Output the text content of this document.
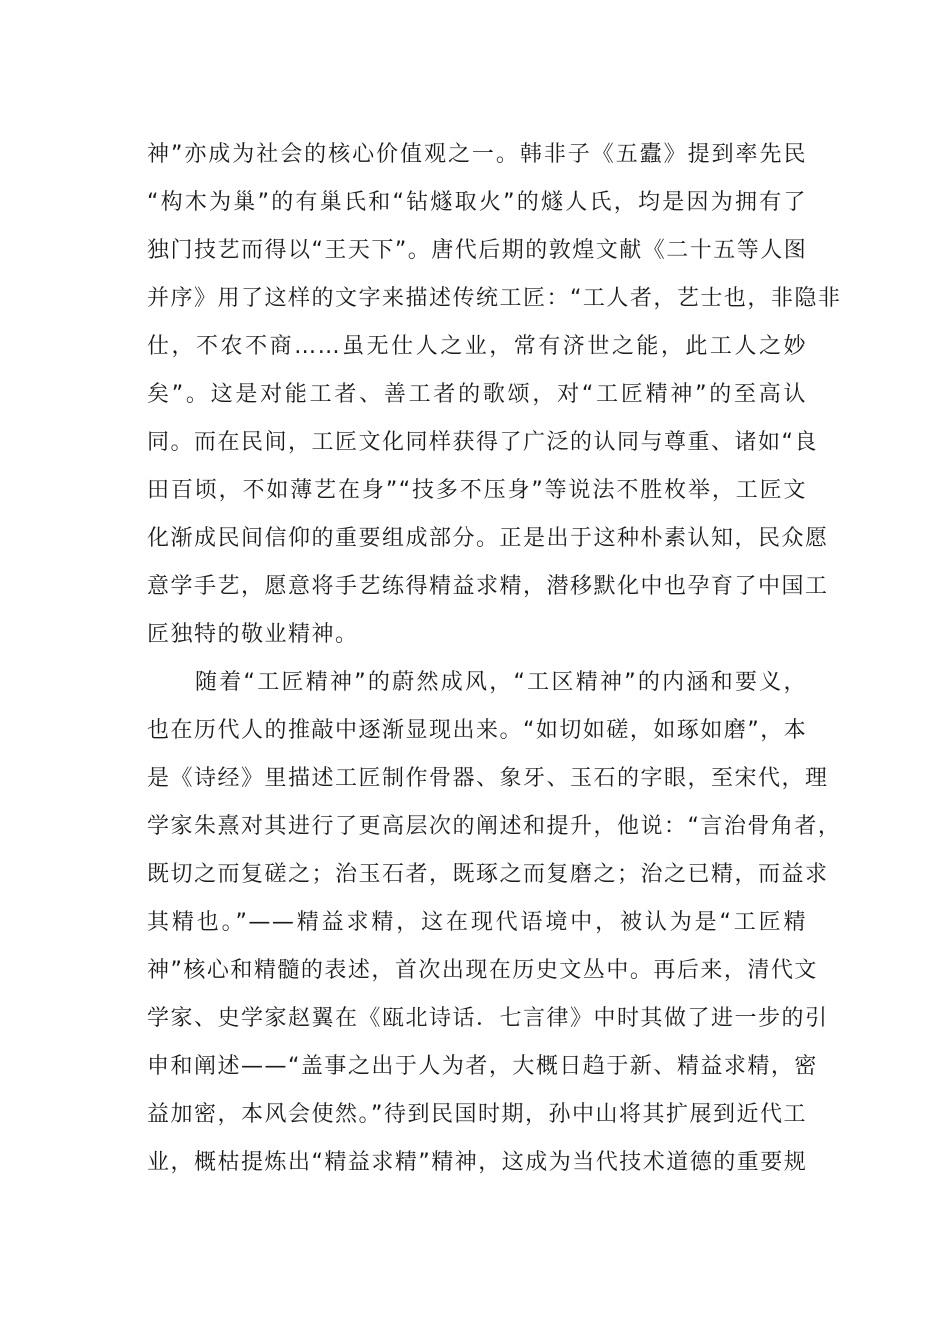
神”亦成为社会的核心价值观之一。韩非子《五蠹》提到率先民
“构木为巢”的有巢氏和“钻燧取火”的燧人氏，均是因为拥有了
独门技艺而得以“王天下”。唐代后期的敦煌文献《二十五等人图
并序》用了这样的文字来描述传统工匠：“工人者，艺士也，非隐非
仕，不农不商……虽无仕人之业，常有济世之能，此工人之妙
矣”。这是对能工者、善工者的歌颂，对“工匠精神”的至高认
同。而在民间，工匠文化同样获得了广泛的认同与尊重、诸如“良
田百顷，不如薄艺在身”“技多不压身”等说法不胜枚举，工匠文
化渐成民间信仰的重要组成部分。正是出于这种朴素认知，民众愿
意学手艺，愿意将手艺练得精益求精，潜移默化中也孕育了中国工
匠独特的敬业精神。
随着“工匠精神”的蔚然成风，“工区精神”的内涵和要义，
也在历代人的推敲中逐渐显现出来。“如切如磋，如琢如磨”，本
是《诗经》里描述工匠制作骨器、象牙、玉石的字眼，至宋代，理
学家朱熹对其进行了更高层次的阐述和提升，他说：“言治骨角者，
既切之而复磋之；治玉石者，既琢之而复磨之；治之已精，而益求
其精也。”——精益求精，这在现代语境中，被认为是“工匠精
神”核心和精髓的表述，首次出现在历史文丛中。再后来，清代文
学家、史学家赵翼在《瓯北诗话．七言律》中时其做了进一步的引
申和阐述——“盖事之出于人为者，大概日趋于新、精益求精，密
益加密，本风会使然。”待到民国时期，孙中山将其扩展到近代工
业，概枯提炼出“精益求精”精神，这成为当代技术道德的重要规
